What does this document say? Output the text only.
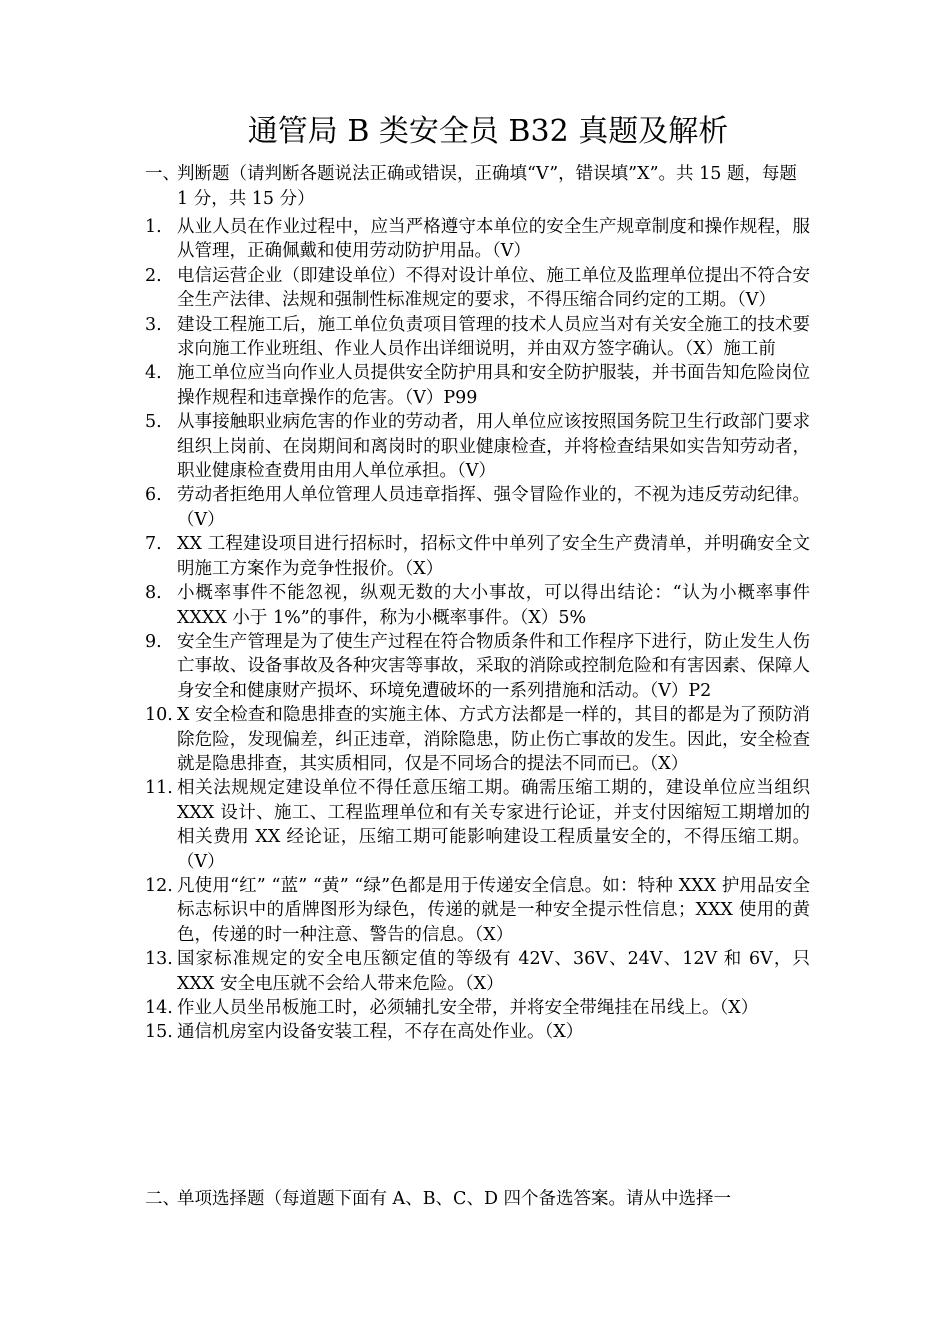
通管局 B 类安全员 B32 真题及解析
一、
判断题（请判断各题说法正确或错误，正确填“V”，错误填”X”。共 15 题，每题 1 分，共 15 分）
1. 从业人员在作业过程中，应当严格遵守本单位的安全生产规章制度和操作规程，服从管理，正确佩戴和使用劳动防护用品。（V）
2. 电信运营企业（即建设单位）不得对设计单位、施工单位及监理单位提出不符合安全生产法律、法规和强制性标准规定的要求，不得压缩合同约定的工期。（V）
3. 建设工程施工后，施工单位负责项目管理的技术人员应当对有关安全施工的技术要求向施工作业班组、作业人员作出详细说明，并由双方签字确认。（X）施工前
4. 施工单位应当向作业人员提供安全防护用具和安全防护服装，并书面告知危险岗位操作规程和违章操作的危害。（V）P99
5. 从事接触职业病危害的作业的劳动者，用人单位应该按照国务院卫生行政部门要求组织上岗前、在岗期间和离岗时的职业健康检查，并将检查结果如实告知劳动者，职业健康检查费用由用人单位承担。（V）
6. 劳动者拒绝用人单位管理人员违章指挥、强令冒险作业的，不视为违反劳动纪律。（V）
7. XX 工程建设项目进行招标时，招标文件中单列了安全生产费清单，并明确安全文明施工方案作为竞争性报价。（X）
8. 小概率事件不能忽视，纵观无数的大小事故，可以得出结论：“认为小概率事件 XXXX 小于 1%”的事件，称为小概率事件。（X）5%
9. 安全生产管理是为了使生产过程在符合物质条件和工作程序下进行，防止发生人伤亡事故、设备事故及各种灾害等事故，采取的消除或控制危险和有害因素、保障人身安全和健康财产损坏、环境免遭破坏的一系列措施和活动。（V）P2
10. X 安全检查和隐患排查的实施主体、方式方法都是一样的，其目的都是为了预防消除危险，发现偏差，纠正违章，消除隐患，防止伤亡事故的发生。因此，安全检查就是隐患排查，其实质相同，仅是不同场合的提法不同而已。（X）
11. 相关法规规定建设单位不得任意压缩工期。确需压缩工期的，建设单位应当组织 XXX 设计、施工、工程监理单位和有关专家进行论证，并支付因缩短工期增加的相关费用 XX 经论证，压缩工期可能影响建设工程质量安全的，不得压缩工期。（V）
12. 凡使用“红” “蓝” “黄” “绿”色都是用于传递安全信息。如：特种 XXX 护用品安全标志标识中的盾牌图形为绿色，传递的就是一种安全提示性信息；XXX 使用的黄色，传递的时一种注意、警告的信息。（X）
13. 国家标准规定的安全电压额定值的等级有 42V、36V、24V、12V 和 6V，只 XXX 安全电压就不会给人带来危险。（X）
14. 作业人员坐吊板施工时，必须辅扎安全带，并将安全带绳挂在吊线上。（X）
15. 通信机房室内设备安装工程，不存在高处作业。（X）
二、
单项选择题（每道题下面有 A、B、C、D 四个备选答案。请从中选择一
